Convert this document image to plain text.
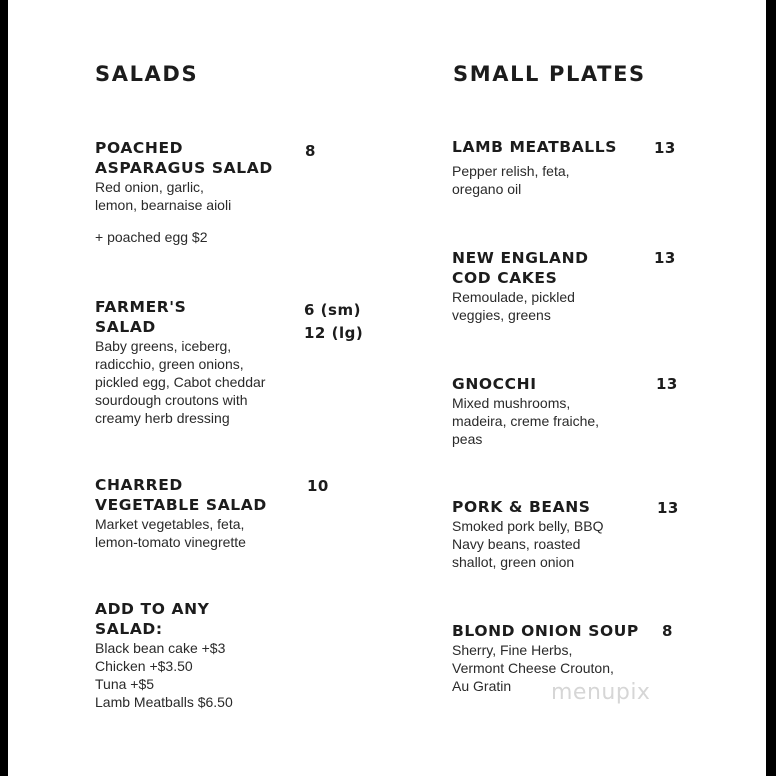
SALADS
POACHED
ASPARAGUS SALAD
Red onion, garlic,
lemon, bearnaise aioli
8
+ poached egg $2
FARMER'S
SALAD
Baby greens, iceberg,
radicchio, green onions,
pickled egg, Cabot cheddar
sourdough croutons with
creamy herb dressing
6 (sm)
12 (lg)
CHARRED
VEGETABLE SALAD
Market vegetables, feta,
lemon-tomato vinegrette
10
ADD TO ANY
SALAD:
Black bean cake +$3
Chicken +$3.50
Tuna +$5
Lamb Meatballs $6.50
SMALL PLATES
LAMB MEATBALLS
Pepper relish, feta,
oregano oil
13
NEW ENGLAND
COD CAKES
Remoulade, pickled
veggies, greens
13
GNOCCHI
Mixed mushrooms,
madeira, creme fraiche,
peas
13
PORK & BEANS
Smoked pork belly, BBQ
Navy beans, roasted
shallot, green onion
13
BLOND ONION SOUP
Sherry, Fine Herbs,
Vermont Cheese Crouton,
Au Gratin
8
menupix
